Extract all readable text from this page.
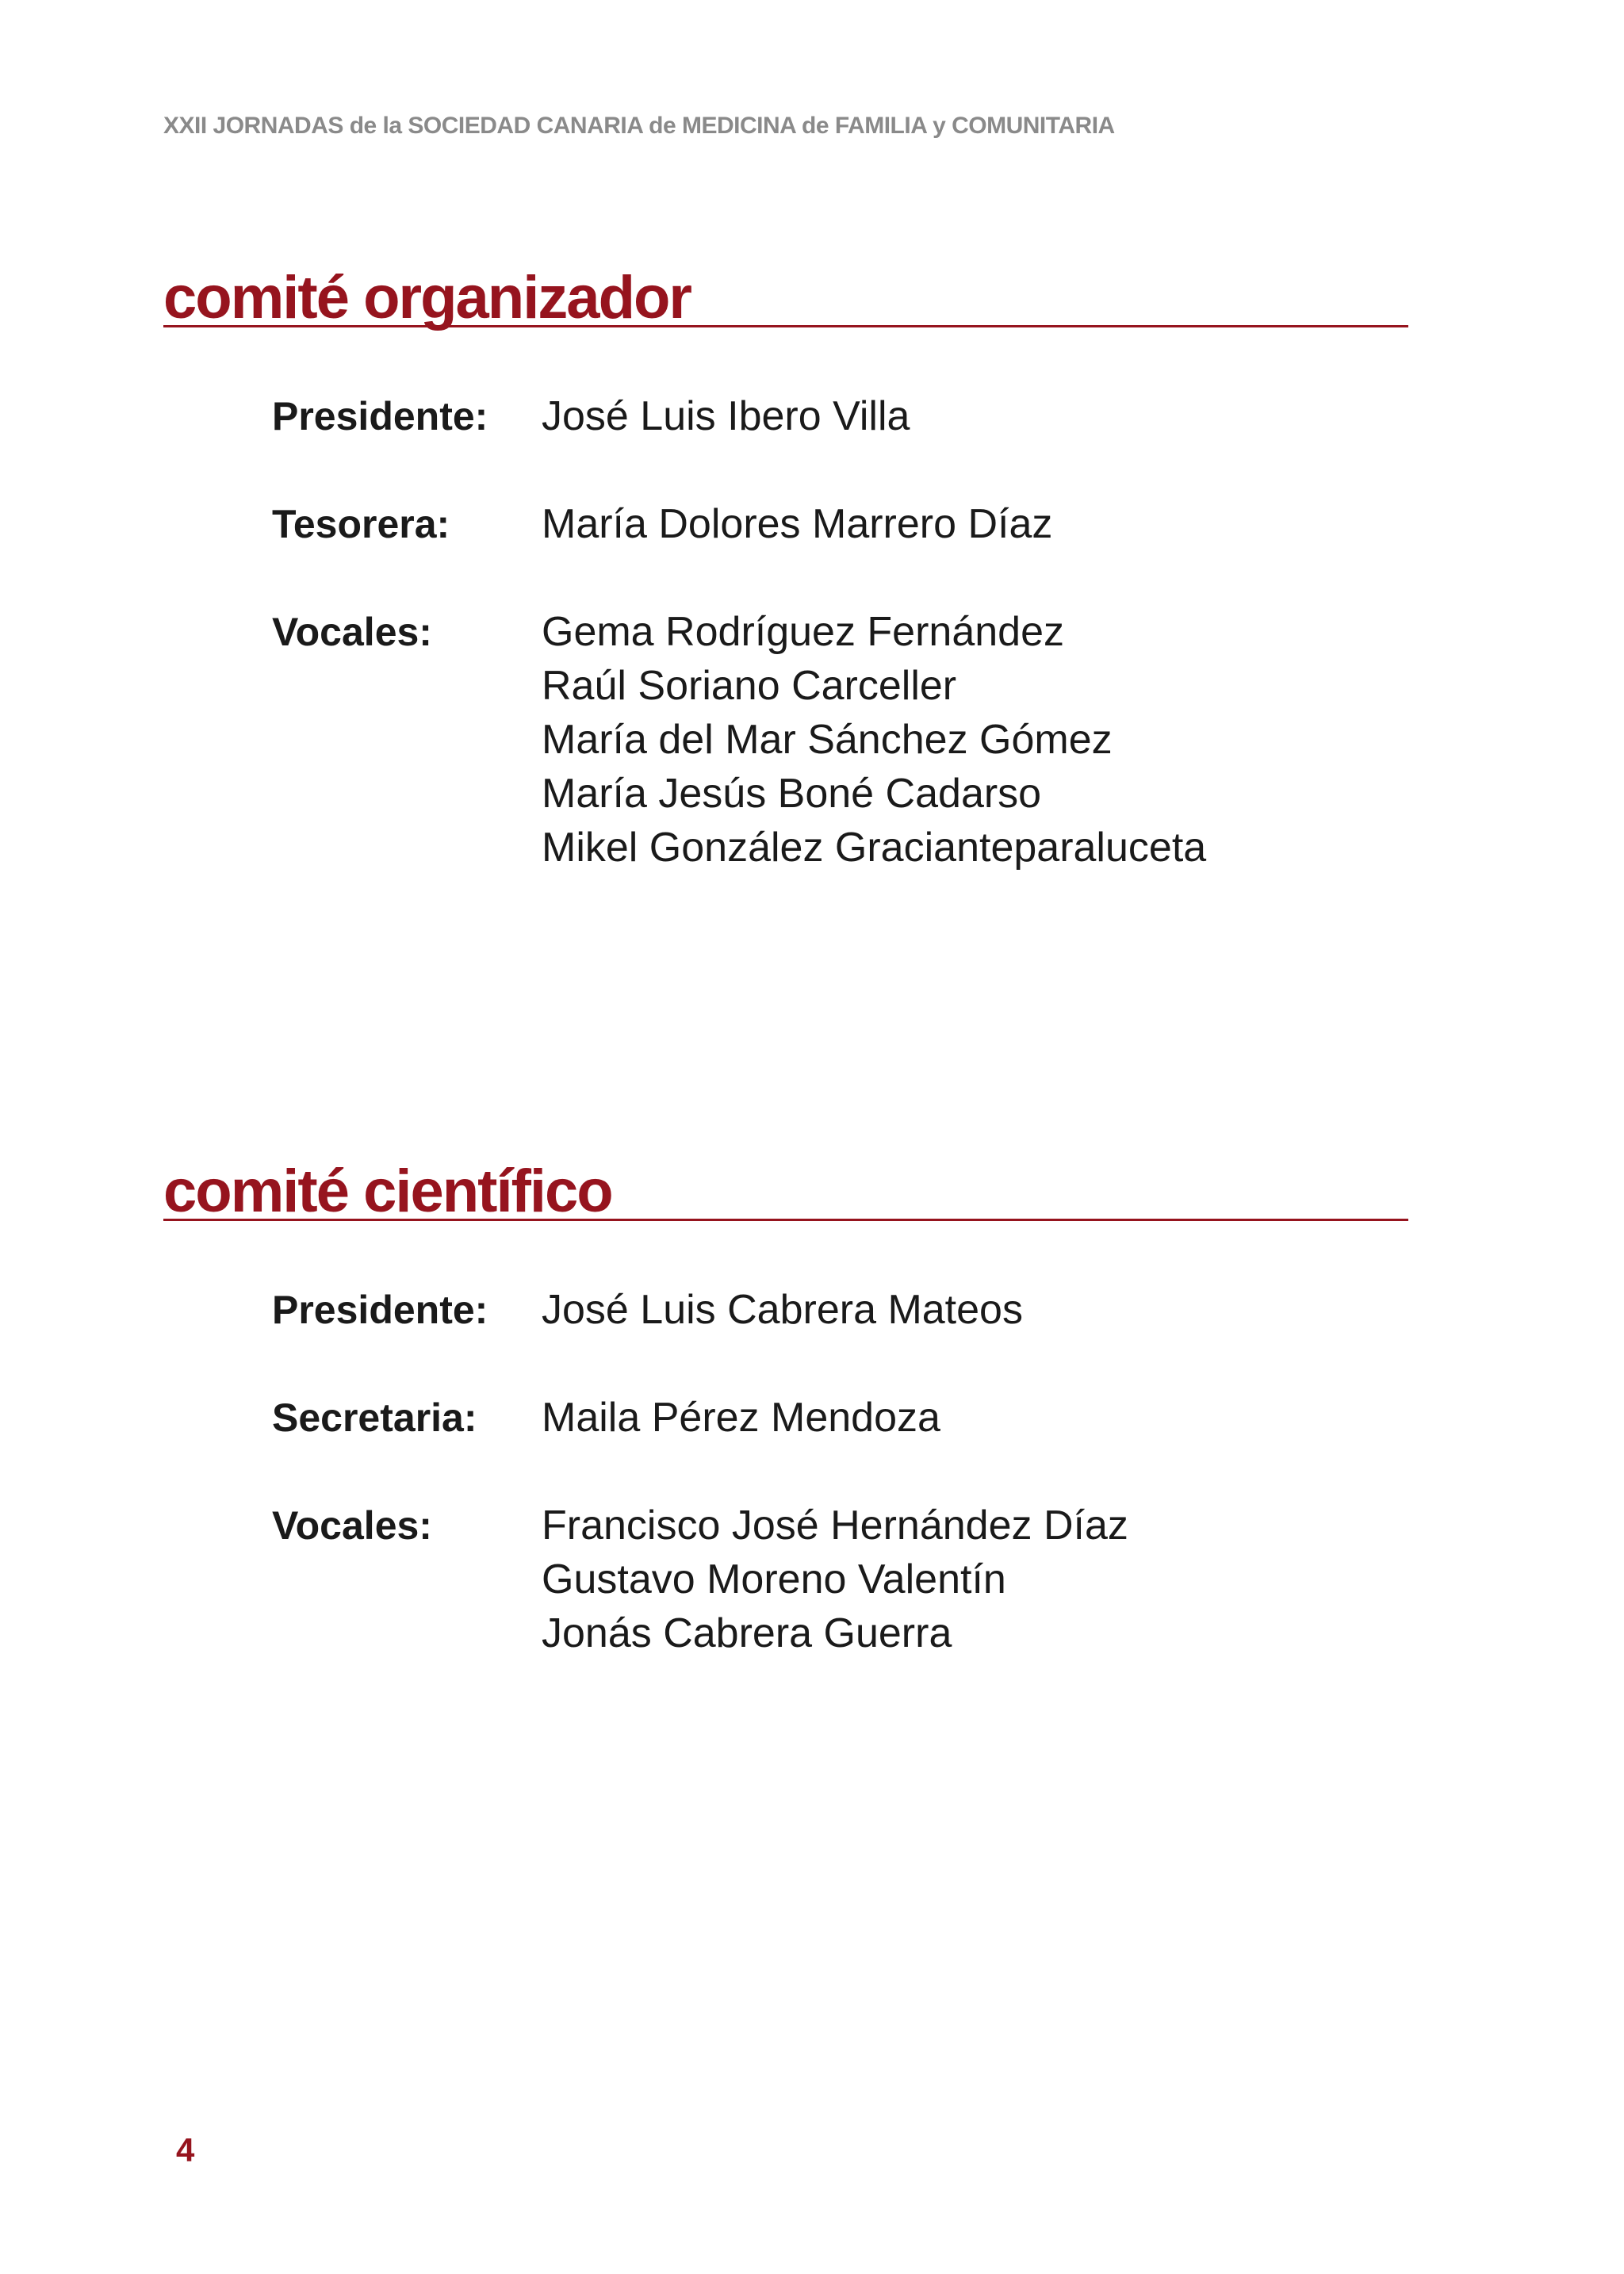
XXII JORNADAS de la SOCIEDAD CANARIA de MEDICINA de FAMILIA y COMUNITARIA
comité organizador
Presidente:	José Luis Ibero Villa
Tesorera:	María Dolores Marrero Díaz
Vocales:	Gema Rodríguez Fernández
Raúl Soriano Carceller
María del Mar Sánchez Gómez
María Jesús Boné Cadarso
Mikel González Gracianteparaluceta
comité científico
Presidente:	José Luis Cabrera Mateos
Secretaria:	Maila Pérez Mendoza
Vocales:	Francisco José Hernández Díaz
Gustavo Moreno Valentín
Jonás Cabrera Guerra
4
